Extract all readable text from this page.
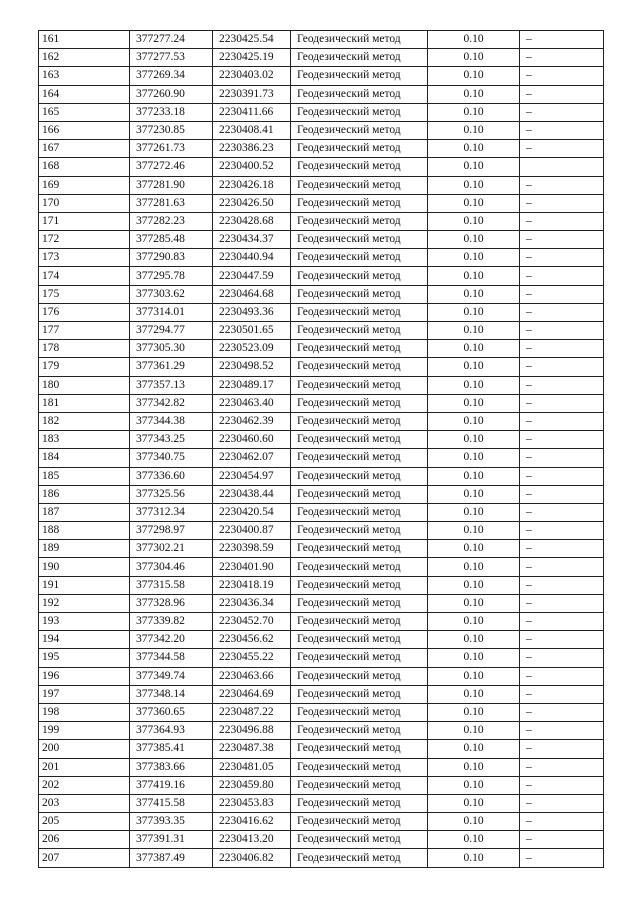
161	377277.24	2230425.54	Геодезический метод	0.10	–
162	377277.53	2230425.19	Геодезический метод	0.10	–
163	377269.34	2230403.02	Геодезический метод	0.10	–
164	377260.90	2230391.73	Геодезический метод	0.10	–
165	377233.18	2230411.66	Геодезический метод	0.10	–
166	377230.85	2230408.41	Геодезический метод	0.10	–
167	377261.73	2230386.23	Геодезический метод	0.10	–
168	377272.46	2230400.52	Геодезический метод	0.10	
169	377281.90	2230426.18	Геодезический метод	0.10	–
170	377281.63	2230426.50	Геодезический метод	0.10	–
171	377282.23	2230428.68	Геодезический метод	0.10	–
172	377285.48	2230434.37	Геодезический метод	0.10	–
173	377290.83	2230440.94	Геодезический метод	0.10	–
174	377295.78	2230447.59	Геодезический метод	0.10	–
175	377303.62	2230464.68	Геодезический метод	0.10	–
176	377314.01	2230493.36	Геодезический метод	0.10	–
177	377294.77	2230501.65	Геодезический метод	0.10	–
178	377305.30	2230523.09	Геодезический метод	0.10	–
179	377361.29	2230498.52	Геодезический метод	0.10	–
180	377357.13	2230489.17	Геодезический метод	0.10	–
181	377342.82	2230463.40	Геодезический метод	0.10	–
182	377344.38	2230462.39	Геодезический метод	0.10	–
183	377343.25	2230460.60	Геодезический метод	0.10	–
184	377340.75	2230462.07	Геодезический метод	0.10	–
185	377336.60	2230454.97	Геодезический метод	0.10	–
186	377325.56	2230438.44	Геодезический метод	0.10	–
187	377312.34	2230420.54	Геодезический метод	0.10	–
188	377298.97	2230400.87	Геодезический метод	0.10	–
189	377302.21	2230398.59	Геодезический метод	0.10	–
190	377304.46	2230401.90	Геодезический метод	0.10	–
191	377315.58	2230418.19	Геодезический метод	0.10	–
192	377328.96	2230436.34	Геодезический метод	0.10	–
193	377339.82	2230452.70	Геодезический метод	0.10	–
194	377342.20	2230456.62	Геодезический метод	0.10	–
195	377344.58	2230455.22	Геодезический метод	0.10	–
196	377349.74	2230463.66	Геодезический метод	0.10	–
197	377348.14	2230464.69	Геодезический метод	0.10	–
198	377360.65	2230487.22	Геодезический метод	0.10	–
199	377364.93	2230496.88	Геодезический метод	0.10	–
200	377385.41	2230487.38	Геодезический метод	0.10	–
201	377383.66	2230481.05	Геодезический метод	0.10	–
202	377419.16	2230459.80	Геодезический метод	0.10	–
203	377415.58	2230453.83	Геодезический метод	0.10	–
205	377393.35	2230416.62	Геодезический метод	0.10	–
206	377391.31	2230413.20	Геодезический метод	0.10	–
207	377387.49	2230406.82	Геодезический метод	0.10	–
